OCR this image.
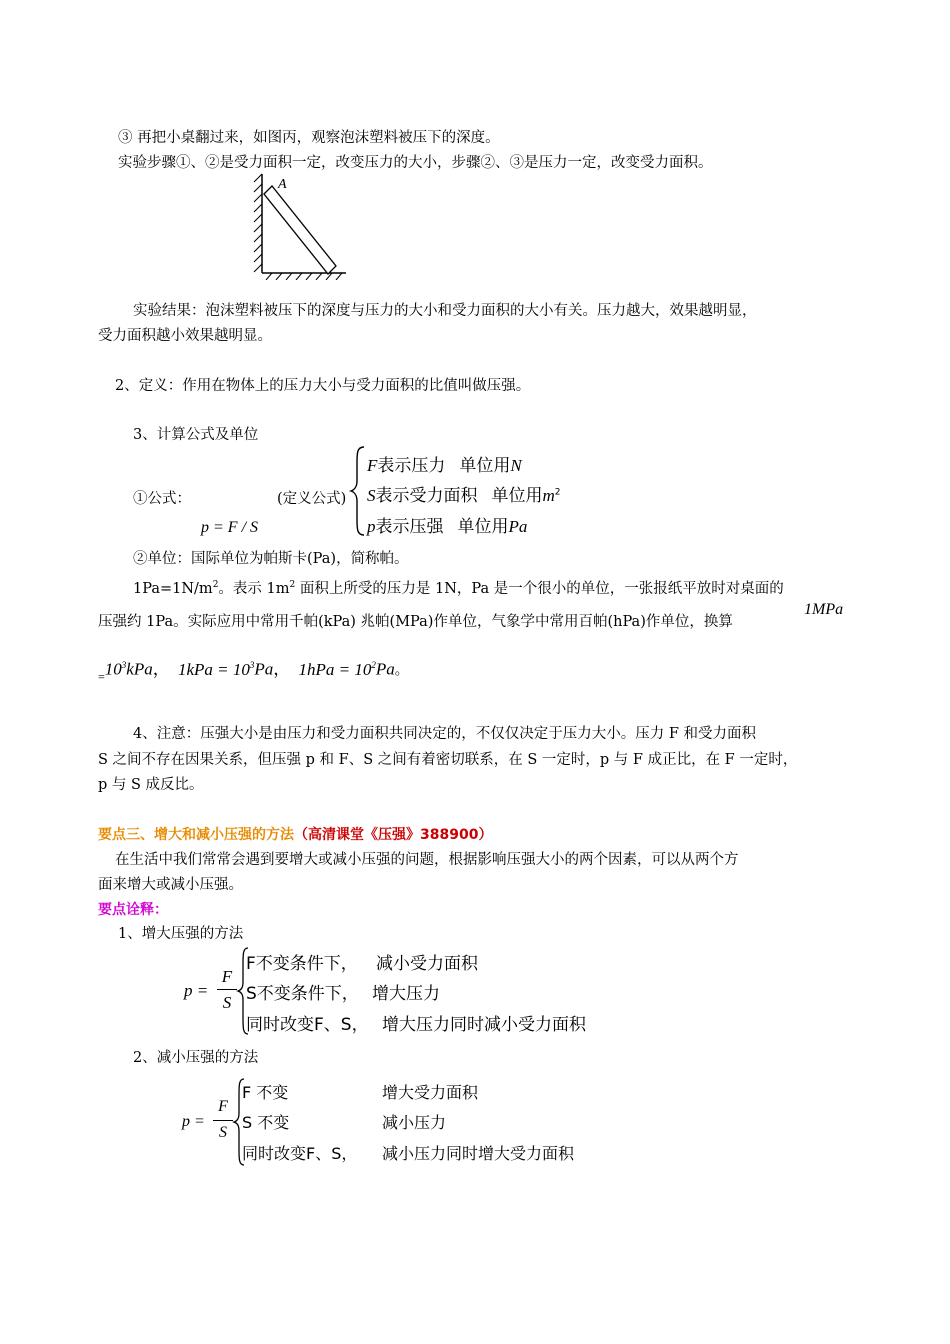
③ 再把小桌翻过来，如图丙，观察泡沫塑料被压下的深度。
实验步骤①、②是受力面积一定，改变压力的大小，步骤②、③是压力一定，改变受力面积。
A
实验结果：泡沫塑料被压下的深度与压力的大小和受力面积的大小有关。压力越大，效果越明显，
受力面积越小效果越明显。
2、定义：作用在物体上的压力大小与受力面积的比值叫做压强。
3、计算公式及单位
①公式：	(定义公式)
p = F / S
F表示压力 单位用N
S表示受力面积 单位用$m^2$
p表示压强 单位用Pa
②单位：国际单位为帕斯卡(Pa)，简称帕。
$1Pa=1N/m^2$。表示 $1m^2$ 面积上所受的压力是 1N，Pa 是一个很小的单位，一张报纸平放时对桌面的
压强约 1Pa。实际应用中常用千帕(kPa) 兆帕(MPa)作单位，气象学中常用百帕(hPa)作单位，换算
1MPa
$_=10^3kPa$， $1kPa = 10^3Pa$， $1hPa = 10^2Pa$。
4、注意：压强大小是由压力和受力面积共同决定的，不仅仅决定于压力大小。压力 F 和受力面积
S 之间不存在因果关系，但压强 p 和 F、S 之间有着密切联系，在 S 一定时，p 与 F 成正比，在 F 一定时，
p 与 S 成反比。
要点三、增大和减小压强的方法（高清课堂《压强》388900）
在生活中我们常常会遇到要增大或减小压强的问题，根据影响压强大小的两个因素，可以从两个方
面来增大或减小压强。
要点诠释：
1、增大压强的方法
p =
F
S
F不变条件下， 减小受力面积
S不变条件下， 增大压力
同时改变F、S， 增大压力同时减小受力面积
2、减小压强的方法
p =
F
S
F 不变	增大受力面积
S 不变	减小压力
同时改变F、S， 减小压力同时增大受力面积
